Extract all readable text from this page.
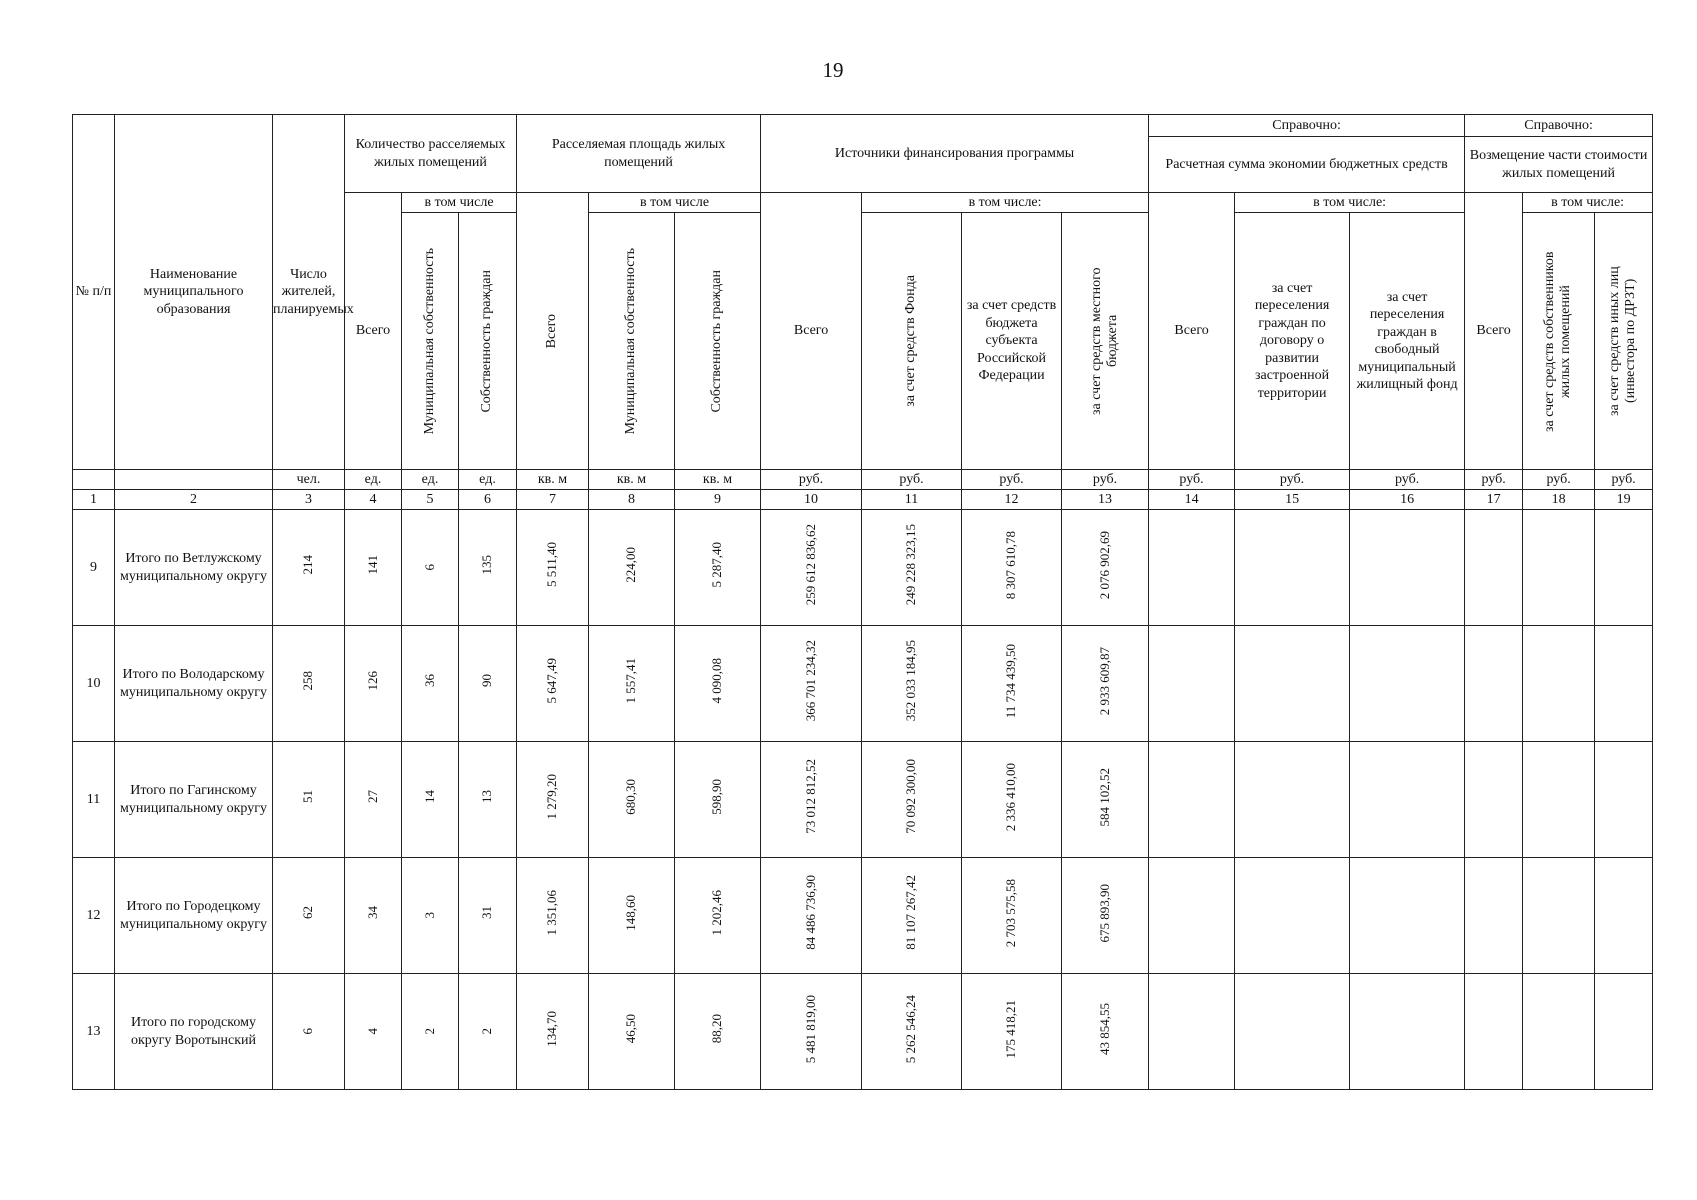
19
№ п/п	Наименование муниципального образования	Число жителей, планируемых	Количество расселяемых жилых помещений			Расселяемая площадь жилых помещений			Источники финансирования программы				Справочно:			Справочно:		
													Расчетная сумма экономии бюджетных средств			Возмещение части стоимости жилых помещений		
			Всего	в том числе		Всего	в том числе		Всего	в том числе:			Всего	в том числе:		Всего	в том числе:	

				Муниципальная собственность	Собственность граждан		Муниципальная собственность	Собственность граждан		за счет средств Фонда	за счет средств бюджета субъекта Российской Федерации	за счет средств местного бюджета		за счет переселения граждан по договору о развитии застроенной территории	за счет переселения граждан в свободный муниципальный жилищный фонд		за счет средств собственников жилых помещений	за счет средств иных лиц (инвестора по ДРЗТ)

		чел.	ед.	ед.	ед.	кв. м	кв. м	кв. м	руб.	руб.	руб.	руб.	руб.	руб.	руб.	руб.	руб.	руб.
1	2	3	4	5	6	7	8	9	10	11	12	13	14	15	16	17	18	19
9	Итого по Ветлужскому муниципальному округу	214	141	6	135	5 511,40	224,00	5 287,40	259 612 836,62	249 228 323,15	8 307 610,78	2 076 902,69						
10	Итого по Володарскому муниципальному округу	258	126	36	90	5 647,49	1 557,41	4 090,08	366 701 234,32	352 033 184,95	11 734 439,50	2 933 609,87						
11	Итого по Гагинскому муниципальному округу	51	27	14	13	1 279,20	680,30	598,90	73 012 812,52	70 092 300,00	2 336 410,00	584 102,52						
12	Итого по Городецкому муниципальному округу	62	34	3	31	1 351,06	148,60	1 202,46	84 486 736,90	81 107 267,42	2 703 575,58	675 893,90						
13	Итого по городскому округу Воротынский	6	4	2	2	134,70	46,50	88,20	5 481 819,00	5 262 546,24	175 418,21	43 854,55						
